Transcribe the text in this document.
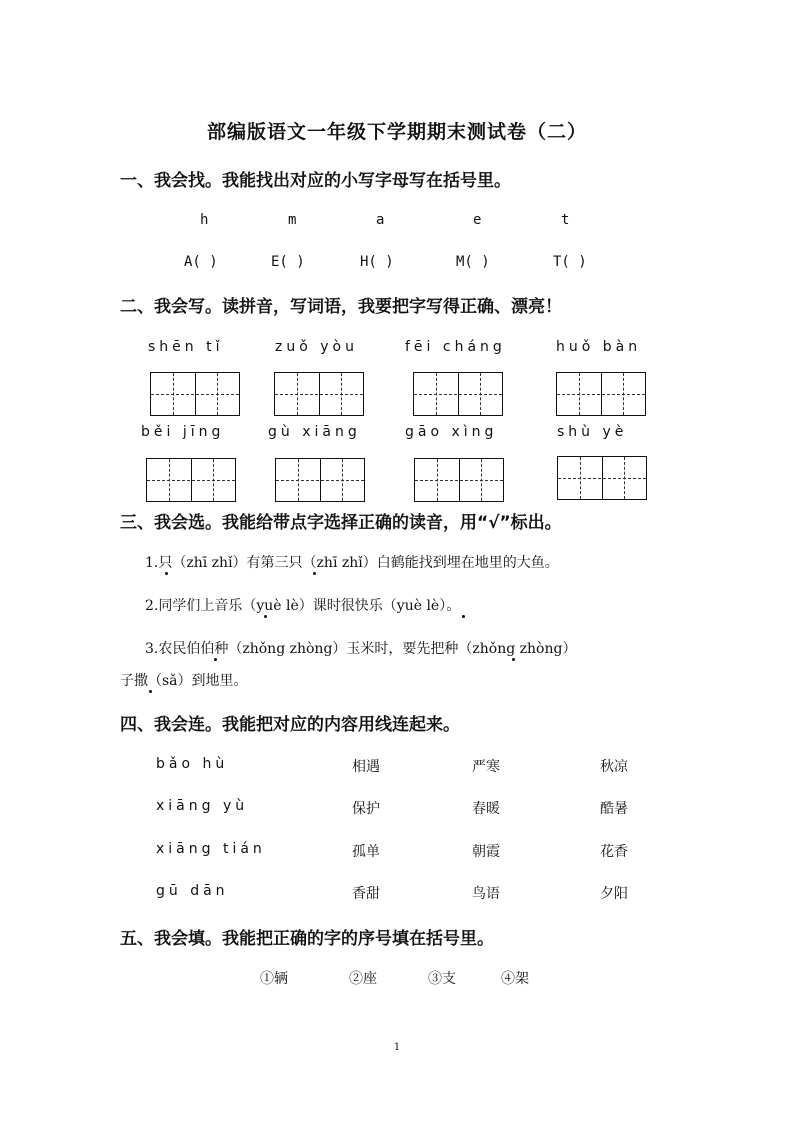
部编版语文一年级下学期期末测试卷（二）
一、我会找。我能找出对应的小写字母写在括号里。
h	m	a	e	t
A( )	E( )	H( )	M( )	T( )
二、我会写。读拼音，写词语，我要把字写得正确、漂亮！
shēn tǐ	zuǒ yòu	fēi cháng	huǒ bàn
běi jīng	gù xiāng	gāo xìng	shù yè
三、我会选。我能给带点字选择正确的读音，用“√”标出。
1.只（zhī zhǐ）有第三只（zhī zhǐ）白鹤能找到埋在地里的大鱼。
2.同学们上音乐（yuè lè）课时很快乐（yuè lè）。
3.农民伯伯种（zhǒng zhòng）玉米时，要先把种（zhǒng zhòng）
子撒（sǎ）到地里。
四、我会连。我能把对应的内容用线连起来。
bǎo hù	相遇	严寒	秋凉
xiāng yù	保护	春暖	酷暑
xiāng tián	孤单	朝霞	花香
gū dān	香甜	鸟语	夕阳
五、我会填。我能把正确的字的序号填在括号里。
①辆	②座	③支	④架
1
